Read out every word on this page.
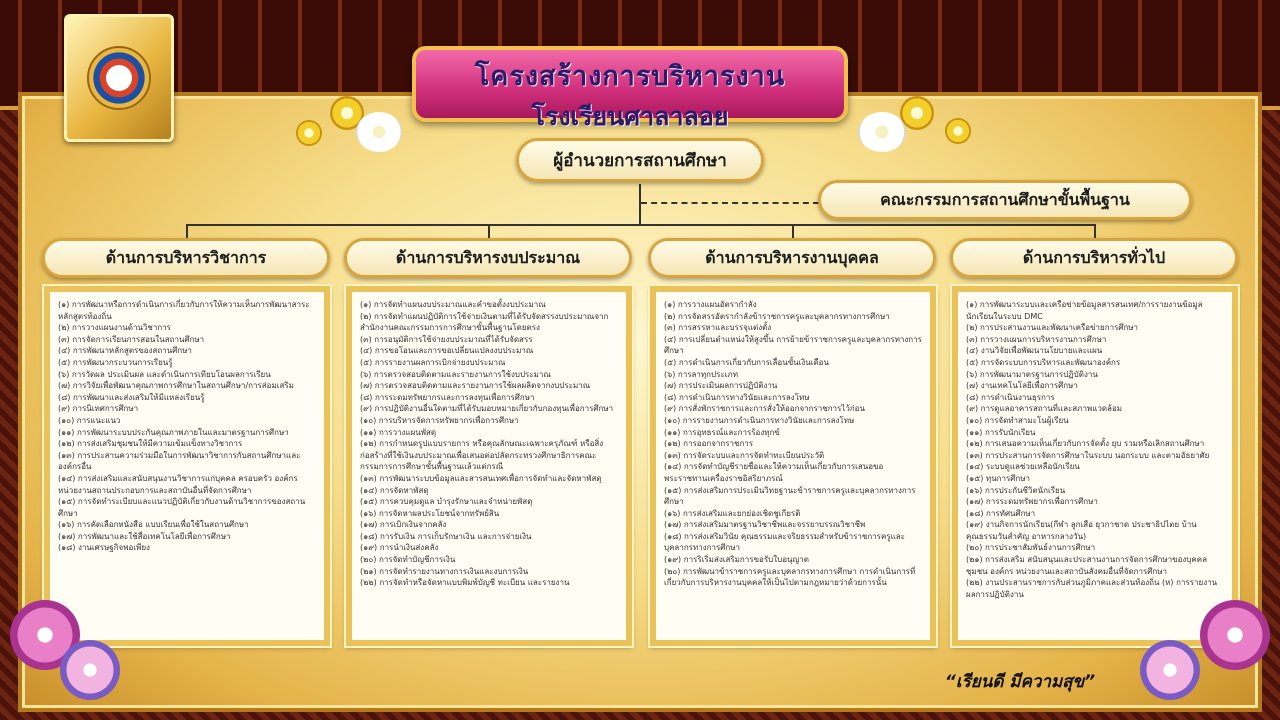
โครงสร้างการบริหารงาน
โรงเรียนศาลาลอย
ผู้อำนวยการสถานศึกษา
คณะกรรมการสถานศึกษาขั้นพื้นฐาน
ด้านการบริหารวิชาการ	ด้านการบริหารงบประมาณ	ด้านการบริหารงานบุคคล	ด้านการบริหารทั่วไป
(๑) การพัฒนาหรือการดำเนินการเกี่ยวกับการให้ความเห็นการพัฒนาสาระหลักสูตรท้องถิ่น
(๒) การวางแผนงานด้านวิชาการ
(๓) การจัดการเรียนการสอนในสถานศึกษา
(๔) การพัฒนาหลักสูตรของสถานศึกษา
(๕) การพัฒนากระบวนการเรียนรู้
(๖) การวัดผล ประเมินผล และดำเนินการเทียบโอนผลการเรียน
(๗) การวิจัยเพื่อพัฒนาคุณภาพการศึกษาในสถานศึกษา/การส่อมเสริม
(๘) การพัฒนาและส่งเสริมให้มีแหล่งเรียนรู้
(๙) การนิเทศการศึกษา
(๑๐) การแนะแนว
(๑๑) การพัฒนาระบบประกันคุณภาพภายในและมาตรฐานการศึกษา
(๑๒) การส่งเสริมชุมชนให้มีความเข้มแข็งทางวิชาการ
(๑๓) การประสานความร่วมมือในการพัฒนาวิชาการกับสถานศึกษาและองค์กรอื่น
(๑๔) การส่งเสริมและสนับสนุนงานวิชาการแก่บุคคล ครอบครัว องค์กร หน่วยงานสถานประกอบการและสถาบันอื่นที่จัดการศึกษา
(๑๕) การจัดทำระเบียบและแนวปฏิบัติเกี่ยวกับงานด้านวิชาการของสถานศึกษา
(๑๖) การคัดเลือกหนังสือ แบบเรียนเพื่อใช้ในสถานศึกษา
(๑๗) การพัฒนาและใช้สื่อเทคโนโลยีเพื่อการศึกษา
(๑๘) งานเศรษฐกิจพอเพียง
(๑) การจัดทำแผนงบประมาณและคำขอตั้งงบประมาณ
(๒) การจัดทำแผนปฏิบัติการใช้จ่ายเงินตามที่ได้รับจัดสรรงบประมาณจากสำนักงานคณะกรรมการการศึกษาขั้นพื้นฐานโดยตรง
(๓) การอนุมัติการใช้จ่ายงบประมาณที่ได้รับจัดสรร
(๔) การขอโอนและการขอเปลี่ยนแปลงงบประมาณ
(๕) การรายงานผลการเบิกจ่ายงบประมาณ
(๖) การตรวจสอบติดตามและรายงานการใช้งบประมาณ
(๗) การตรวจสอบติดตามและรายงานการใช้ผลผลิตจากงบประมาณ
(๘) การระดมทรัพยากรและการลงทุนเพื่อการศึกษา
(๙) การปฏิบัติงานอื่นใดตามที่ได้รับมอบหมายเกี่ยวกับกองทุนเพื่อการศึกษา
(๑๐) การบริหารจัดการทรัพยากรเพื่อการศึกษา
(๑๑) การวางแผนพัสดุ
(๑๒) การกำหนดรูปแบบรายการ หรือคุณลักษณะเฉพาะครุภัณฑ์ หรือสิ่งก่อสร้างที่ใช้เงินงบประมาณเพื่อเสนอต่อปลัดกระทรวงศึกษาธิการคณะกรรมการการศึกษาขั้นพื้นฐานแล้วแต่กรณี
(๑๓) การพัฒนาระบบข้อมูลและสารสนเทศเพื่อการจัดทำและจัดหาพัสดุ
(๑๔) การจัดหาพัสดุ
(๑๕) การควบคุมดูแล บำรุงรักษาและจำหน่ายพัสดุ
(๑๖) การจัดหาผลประโยชน์จากทรัพย์สิน
(๑๗) การเบิกเงินจากคลัง
(๑๘) การรับเงิน การเก็บรักษาเงิน และการจ่ายเงิน
(๑๙) การนำเงินส่งคลัง
(๒๐) การจัดทำบัญชีการเงิน
(๒๑) การจัดทำรายงานทางการเงินและงบการเงิน
(๒๒) การจัดทำหรือจัดหาแบบพิมพ์บัญชี ทะเบียน และรายงาน
(๑) การวางแผนอัตรากำลัง
(๒) การจัดสรรอัตรากำลังข้าราชการครูและบุคลากรทางการศึกษา
(๓) การสรรหาและบรรจุแต่งตั้ง
(๔) การเปลี่ยนตำแหน่งให้สูงขึ้น การย้ายข้าราชการครูและบุคลากรทางการศึกษา
(๕) การดำเนินการเกี่ยวกับการเลื่อนขั้นเงินเดือน
(๖) การลาทุกประเภท
(๗) การประเมินผลการปฏิบัติงาน
(๘) การดำเนินการทางวินัยและการลงโทษ
(๙) การสั่งพักราชการและการสั่งให้ออกจากราชการไว้ก่อน
(๑๐) การรายงานการดำเนินการทางวินัยและการลงโทษ
(๑๑) การอุทธรณ์และการร้องทุกข์
(๑๒) การออกจากราชการ
(๑๓) การจัดระบบและการจัดทำทะเบียนประวัติ
(๑๔) การจัดทำบัญชีรายชื่อและให้ความเห็นเกี่ยวกับการเสนอขอพระราชทานเครื่องราชอิสริยาภรณ์
(๑๕) การส่งเสริมการประเมินวิทยฐานะข้าราชการครูและบุคลากรทางการศึกษา
(๑๖) การส่งเสริมและยกย่องเชิดชูเกียรติ
(๑๗) การส่งเสริมมาตรฐานวิชาชีพและจรรยาบรรณวิชาชีพ
(๑๘) การส่งเสริมวินัย คุณธรรมและจริยธรรมสำหรับข้าราชการครูและบุคลากรทางการศึกษา
(๑๙) การริเริ่มส่งเสริมการขอรับใบอนุญาต
(๒๐) การพัฒนาข้าราชการครูและบุคลากรทางการศึกษา การดำเนินการที่เกี่ยวกับการบริหารงานบุคคลให้เป็นไปตามกฎหมายว่าด้วยการนั้น
(๑) การพัฒนาระบบและเครือข่ายข้อมูลสารสนเทศ/การรายงานข้อมูลนักเรียนในระบบ DMC
(๒) การประสานงานและพัฒนาเครือข่ายการศึกษา
(๓) การวางแผนการบริหารงานการศึกษา
(๔) งานวิจัยเพื่อพัฒนานโยบายและแผน
(๕) การจัดระบบการบริหารและพัฒนาองค์กร
(๖) การพัฒนามาตรฐานการปฏิบัติงาน
(๗) งานเทคโนโลยีเพื่อการศึกษา
(๘) การดำเนินงานธุรการ
(๙) การดูแลอาคารสถานที่และสภาพแวดล้อม
(๑๐) การจัดทำสามะโนผู้เรียน
(๑๑) การรับนักเรียน
(๑๒) การเสนอความเห็นเกี่ยวกับการจัดตั้ง ยุบ รวมหรือเลิกสถานศึกษา
(๑๓) การประสานการจัดการศึกษาในระบบ นอกระบบ และตามอัธยาศัย
(๑๔) ระบบดูแลช่วยเหลือนักเรียน
(๑๕) ทุนการศึกษา
(๑๖) การประกันชีวิตนักเรียน
(๑๗) การระดมทรัพยากรเพื่อการศึกษา
(๑๘) การทัศนศึกษา
(๑๙) งานกิจการนักเรียน(กีฬา ลูกเสือ ยุวกาชาด ประชาธิปไตย บ้านคุณธรรมวันสำคัญ อาหารกลางวัน)
(๒๐) การประชาสัมพันธ์งานการศึกษา
(๒๑) การส่งเสริม สนับสนุนและประสานงานการจัดการศึกษาของบุคคล ชุมชน องค์กร หน่วยงานและสถาบันสังคมอื่นที่จัดการศึกษา
(๒๒) งานประสานราชการกับส่วนภูมิภาคและส่วนท้องถิ่น (ห) การรายงานผลการปฏิบัติงาน
“เรียนดี มีความสุข”
